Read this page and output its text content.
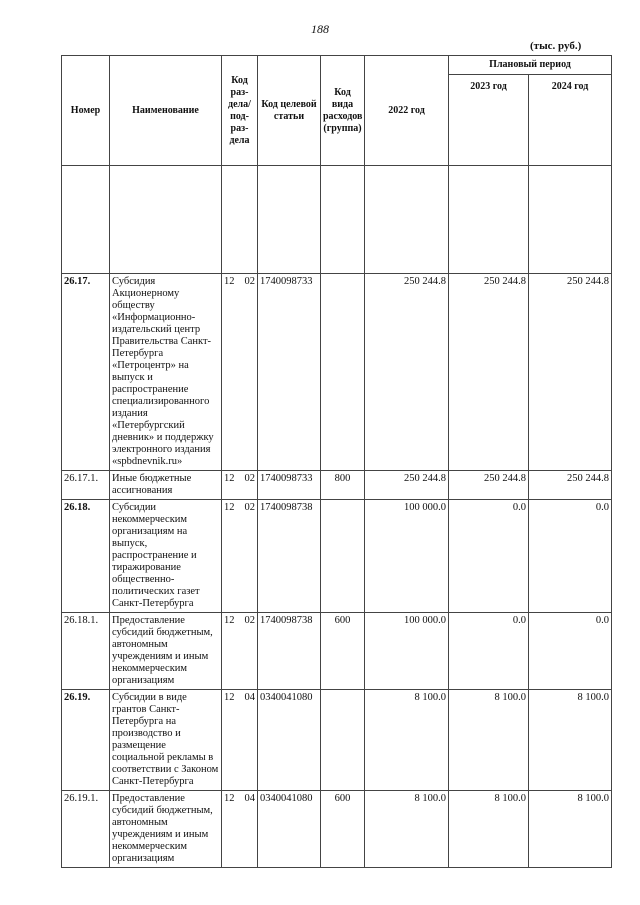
188
(тыс. руб.)
Номер	Наименование	Код раз-дела/ под-раз-дела	Код целевой статьи	Код вида расходов (группа)	2022 год	Плановый период	
						2023 год	2024 год

26.17.	Субсидия Акционерному обществу «Информационно-издательский центр Правительства Санкт-Петербурга «Петроцентр» на выпуск и распространение специализированного издания «Петербургский дневник» и поддержку электронного издания «spbdnevnik.ru»	12 02	1740098733		250 244.8	250 244.8	250 244.8
26.17.1.	Иные бюджетные ассигнования	12 02	1740098733	800	250 244.8	250 244.8	250 244.8
26.18.	Субсидии некоммерческим организациям на выпуск, распространение и тиражирование общественно-политических газет Санкт-Петербурга	12 02	1740098738		100 000.0	0.0	0.0
26.18.1.	Предоставление субсидий бюджетным, автономным учреждениям и иным некоммерческим организациям	12 02	1740098738	600	100 000.0	0.0	0.0
26.19.	Субсидии в виде грантов Санкт-Петербурга на производство и размещение социальной рекламы в соответствии с Законом Санкт-Петербурга	12 04	0340041080		8 100.0	8 100.0	8 100.0
26.19.1.	Предоставление субсидий бюджетным, автономным учреждениям и иным некоммерческим организациям	12 04	0340041080	600	8 100.0	8 100.0	8 100.0
